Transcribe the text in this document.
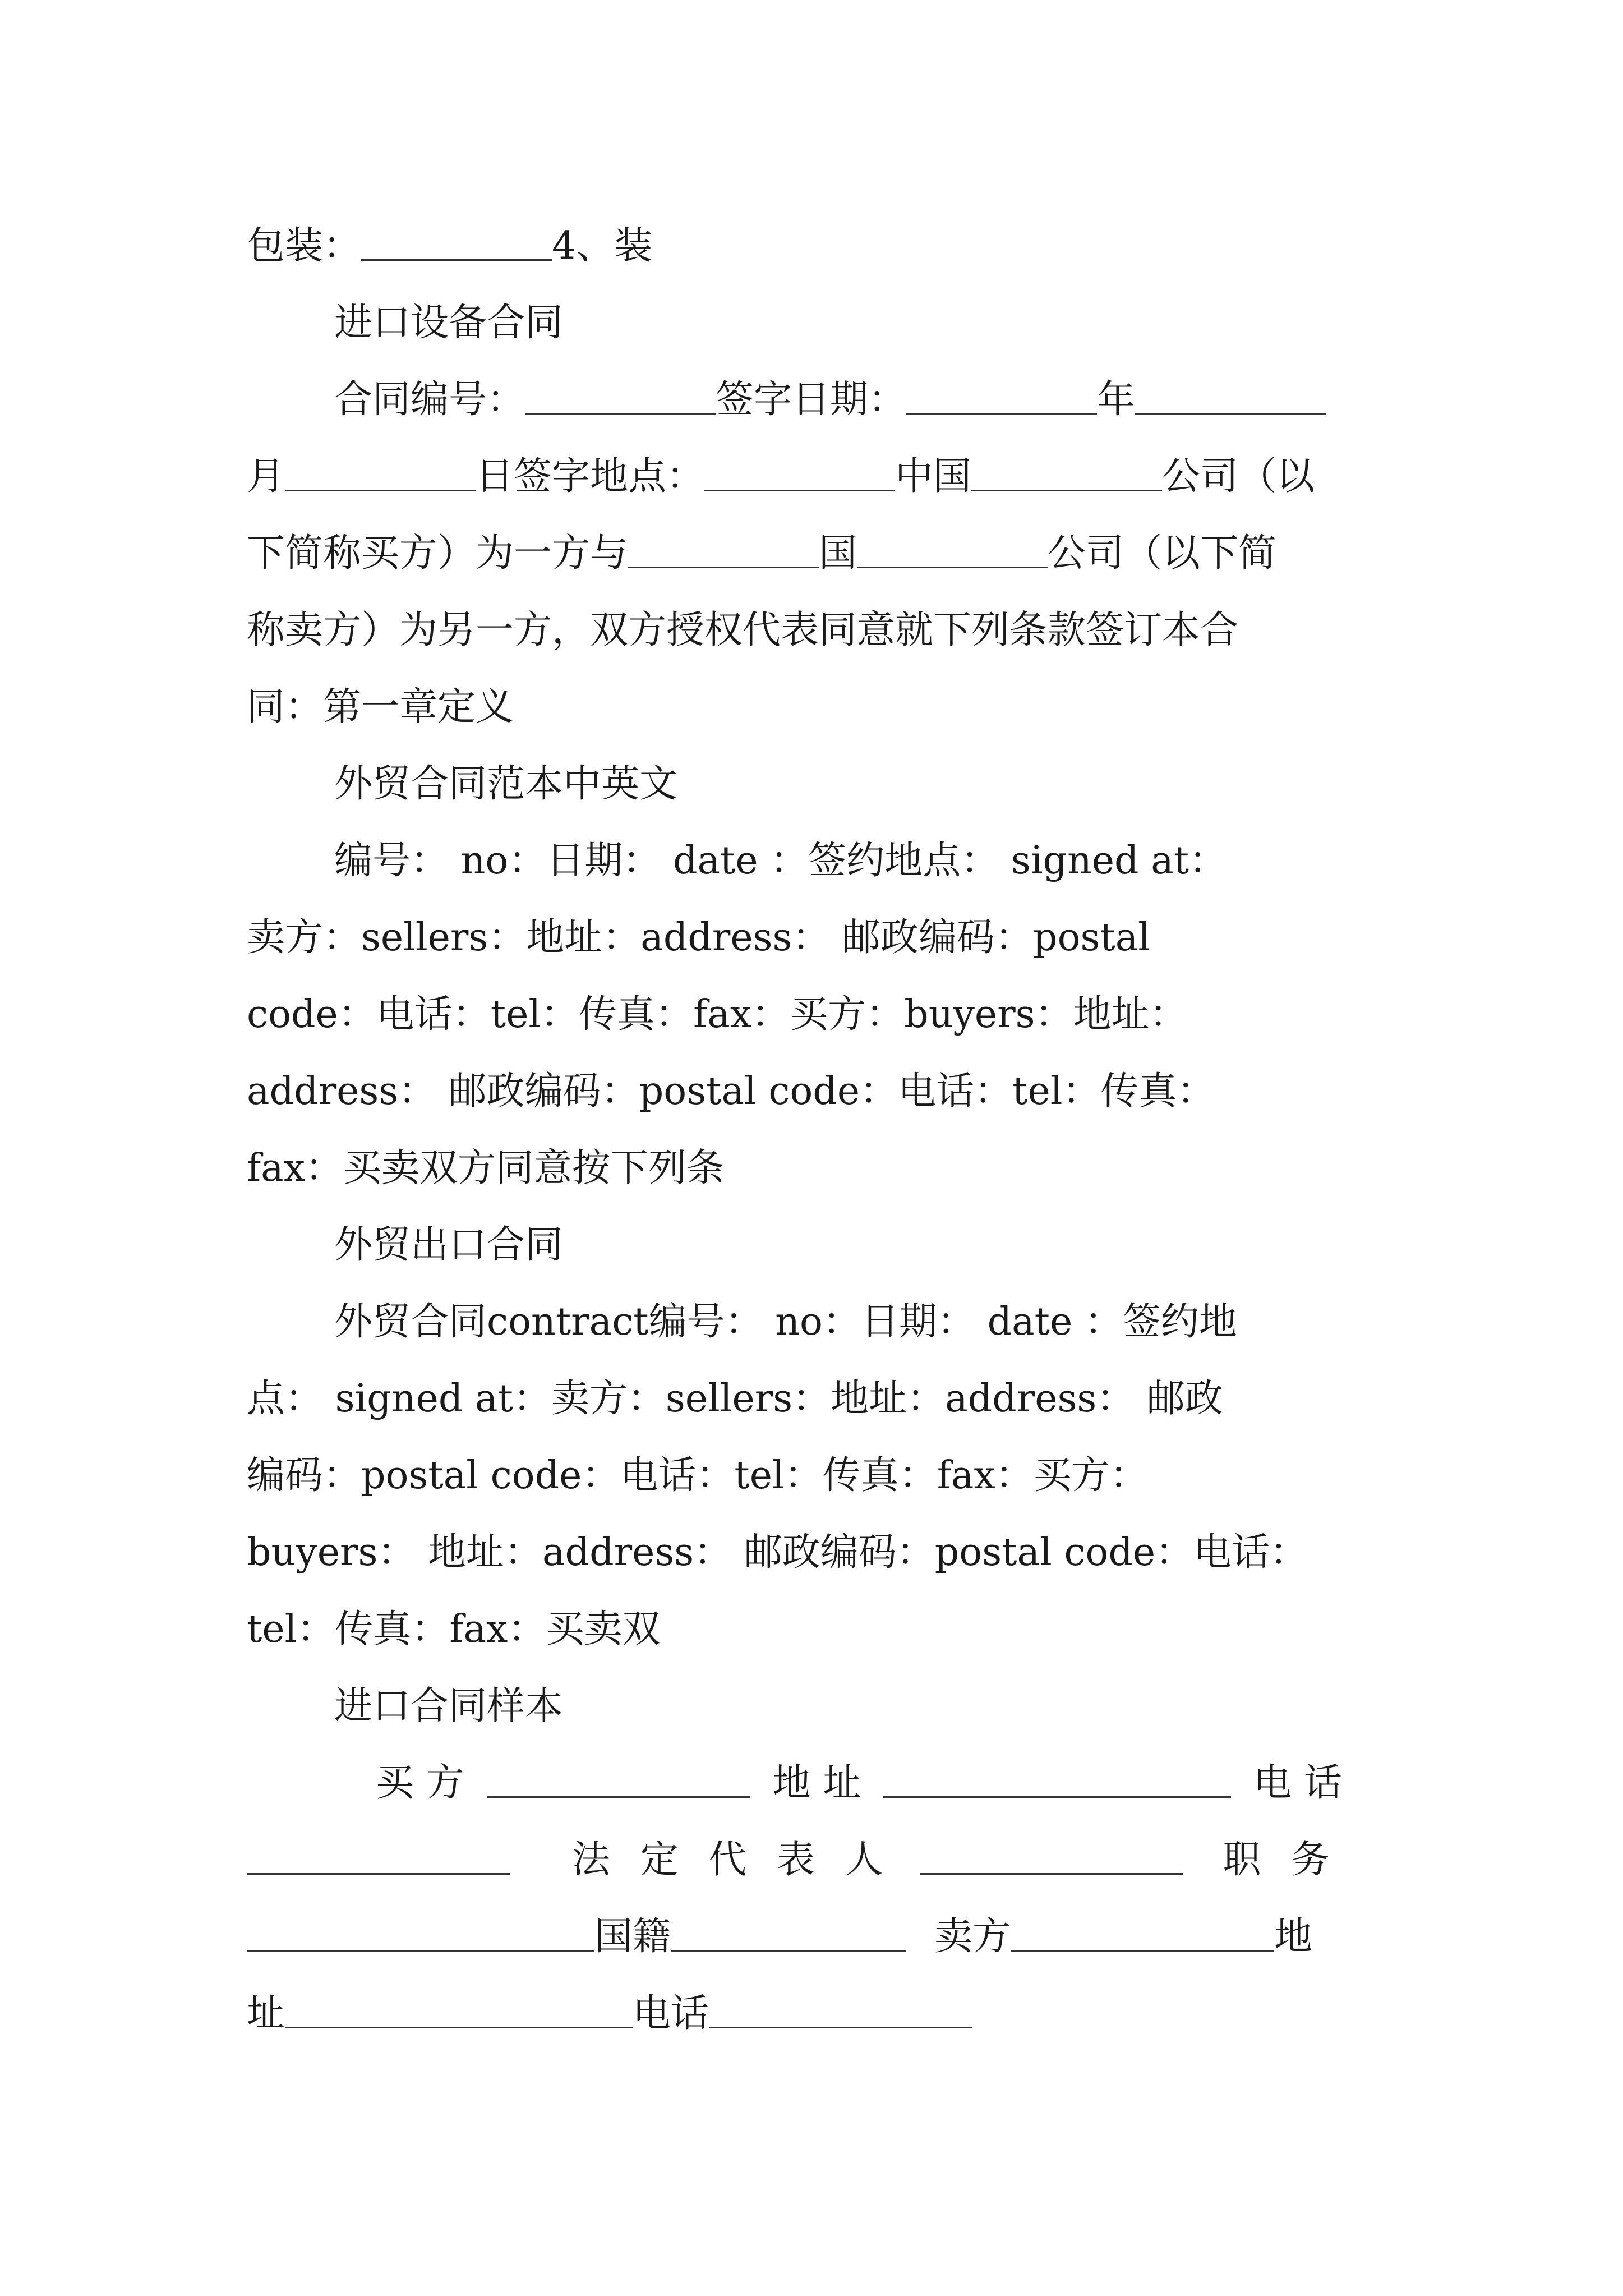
包装：	4、装

进口设备合同

合同编号：	签字日期：	年

月	日签字地点：	中国	公司（以

下简称买方）为一方与	国	公司（以下简

称卖方）为另一方，双方授权代表同意就下列条款签订本合

同：第一章定义

外贸合同范本中英文

编号： no：日期： date ：签约地点： signed at：

卖方：sellers：地址：address： 邮政编码：postal

code：电话：tel：传真：fax：买方：buyers：地址：

address： 邮政编码：postal code：电话：tel：传真：

fax：买卖双方同意按下列条

外贸出口合同

外贸合同contract编号： no：日期： date ：签约地

点： signed at：卖方：sellers：地址：address： 邮政

编码：postal code：电话：tel：传真：fax：买方：

buyers： 地址：address： 邮政编码：postal code：电话：

tel：传真：fax：买卖双

进口合同样本

买 方	地 址	电 话

法 定 代 表 人	职 务

国籍	卖方	地

址	电话
